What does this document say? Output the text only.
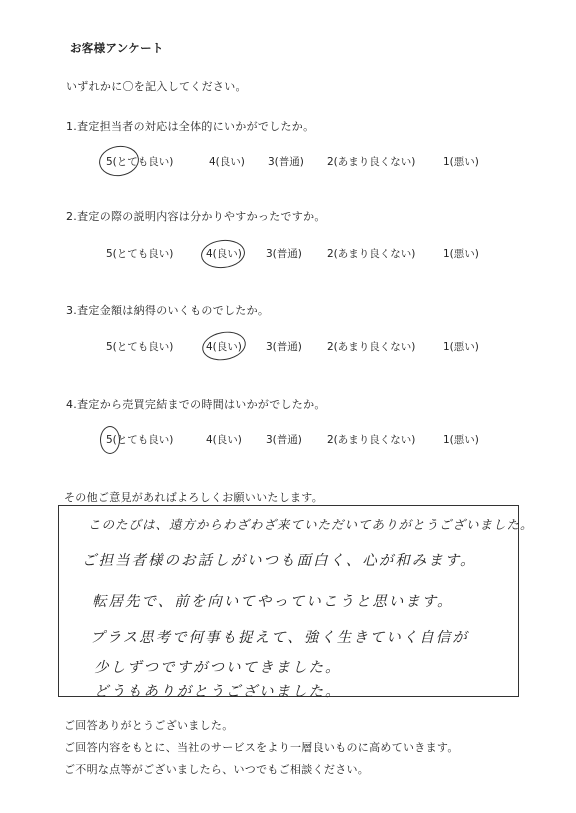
お客様アンケート
いずれかに〇を記入してください。
1.査定担当者の対応は全体的にいかがでしたか。
5(とても良い)	4(良い) 3(普通) 2(あまり良くない)	1(悪い)
2.査定の際の説明内容は分かりやすかったですか。
5(とても良い)	4(良い) 3(普通) 2(あまり良くない)	1(悪い)
3.査定金額は納得のいくものでしたか。
5(とても良い)	4(良い) 3(普通) 2(あまり良くない)	1(悪い)
4.査定から売買完結までの時間はいかがでしたか。
5(とても良い)	4(良い) 3(普通) 2(あまり良くない)	1(悪い)
その他ご意見があればよろしくお願いいたします。
このたびは、遠方からわざわざ来ていただいてありがとうございました。
ご担当者様のお話しがいつも面白く、心が和みます。
転居先で、前を向いてやっていこうと思います。
プラス思考で何事も捉えて、強く生きていく自信が
少しずつですがついてきました。
どうもありがとうございました。
ご回答ありがとうございました。
ご回答内容をもとに、当社のサービスをより一層良いものに高めていきます。
ご不明な点等がございましたら、いつでもご相談ください。
